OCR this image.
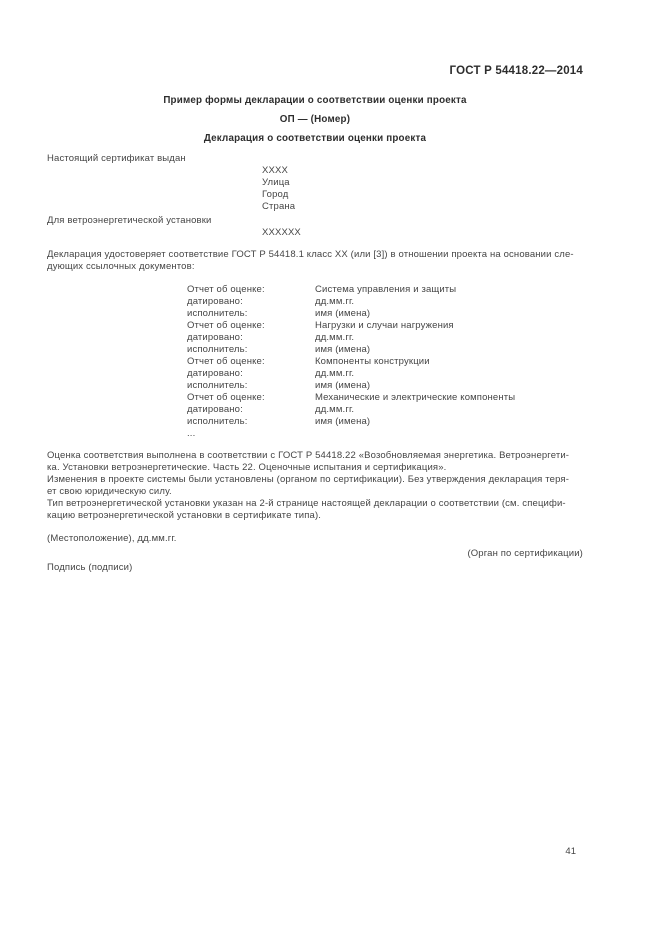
ГОСТ Р 54418.22—2014
Пример формы декларации о соответствии оценки проекта
ОП — (Номер)
Декларация о соответствии оценки проекта
Настоящий сертификат выдан
XXXX
Улица
Город
Страна
Для ветроэнергетической установки
XXXXXX
Декларация удостоверяет соответствие ГОСТ Р 54418.1 класс XX (или [3]) в отношении проекта на основании сле-
дующих ссылочных документов:
Отчет об оценке:	Система управления и защиты
датировано:	дд.мм.гг.
исполнитель:	имя (имена)
Отчет об оценке:	Нагрузки и случаи нагружения
датировано:	дд.мм.гг.
исполнитель:	имя (имена)
Отчет об оценке:	Компоненты конструкции
датировано:	дд.мм.гг.
исполнитель:	имя (имена)
Отчет об оценке:	Механические и электрические компоненты
датировано:	дд.мм.гг.
исполнитель:	имя (имена)
...
Оценка соответствия выполнена в соответствии с ГОСТ Р 54418.22 «Возобновляемая энергетика. Ветроэнергети-
ка. Установки ветроэнергетические. Часть 22. Оценочные испытания и сертификация».
Изменения в проекте системы были установлены (органом по сертификации). Без утверждения декларация теря-
ет свою юридическую силу.
Тип ветроэнергетической установки указан на 2-й странице настоящей декларации о соответствии (см. специфи-
кацию ветроэнергетической установки в сертификате типа).
(Местоположение), дд.мм.гг.
(Орган по сертификации)
Подпись (подписи)
41
